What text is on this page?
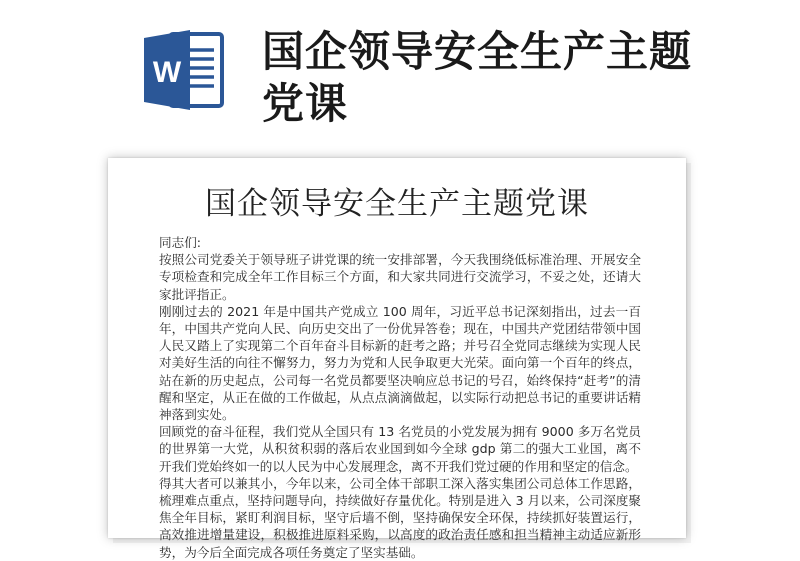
W 国企领导安全生产主题党课
国企领导安全生产主题党课

同志们:

按照公司党委关于领导班子讲党课的统一安排部署，今天我围绕低标准治理、开展安全专项检查和完成全年工作目标三个方面，和大家共同进行交流学习，不妥之处，还请大家批评指正。

刚刚过去的 2021 年是中国共产党成立 100 周年，习近平总书记深刻指出，过去一百年，中国共产党向人民、向历史交出了一份优异答卷；现在，中国共产党团结带领中国人民又踏上了实现第二个百年奋斗目标新的赶考之路；并号召全党同志继续为实现人民对美好生活的向往不懈努力，努力为党和人民争取更大光荣。面向第一个百年的终点，站在新的历史起点，公司每一名党员都要坚决响应总书记的号召，始终保持“赶考”的清醒和坚定，从正在做的工作做起，从点点滴滴做起，以实际行动把总书记的重要讲话精神落到实处。

回顾党的奋斗征程，我们党从全国只有 13 名党员的小党发展为拥有 9000 多万名党员的世界第一大党，从积贫积弱的落后农业国到如今全球 gdp 第二的强大工业国，离不开我们党始终如一的以人民为中心发展理念，离不开我们党过硬的作用和坚定的信念。

得其大者可以兼其小，今年以来，公司全体干部职工深入落实集团公司总体工作思路，梳理难点重点，坚持问题导向，持续做好存量优化。特别是进入 3 月以来，公司深度聚焦全年目标，紧盯利润目标，坚守后墙不倒，坚持确保安全环保，持续抓好装置运行，高效推进增量建设，积极推进原料采购，以高度的政治责任感和担当精神主动适应新形势，为今后全面完成各项任务奠定了坚实基础。
